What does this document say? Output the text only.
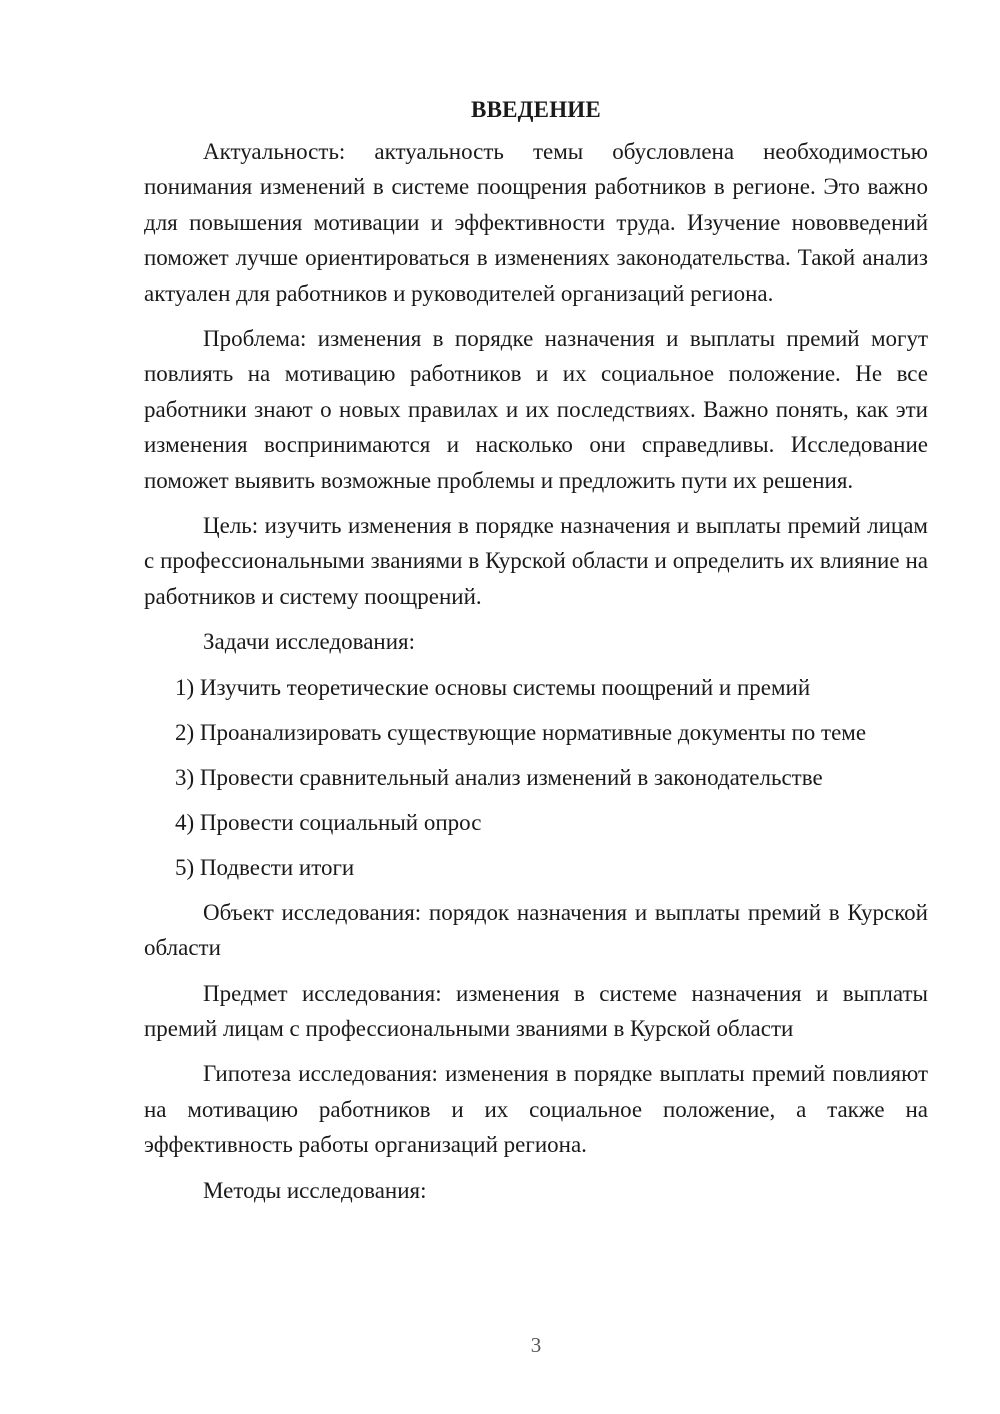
ВВЕДЕНИЕ

Актуальность: актуальность темы обусловлена необходимостью понимания изменений в системе поощрения работников в регионе. Это важно для повышения мотивации и эффективности труда. Изучение нововведений поможет лучше ориентироваться в изменениях законодательства. Такой анализ актуален для работников и руководителей организаций региона.

Проблема: изменения в порядке назначения и выплаты премий могут повлиять на мотивацию работников и их социальное положение. Не все работники знают о новых правилах и их последствиях. Важно понять, как эти изменения воспринимаются и насколько они справедливы. Исследование поможет выявить возможные проблемы и предложить пути их решения.

Цель: изучить изменения в порядке назначения и выплаты премий лицам с профессиональными званиями в Курской области и определить их влияние на работников и систему поощрений.

Задачи исследования:

1) Изучить теоретические основы системы поощрений и премий
2) Проанализировать существующие нормативные документы по теме
3) Провести сравнительный анализ изменений в законодательстве
4) Провести социальный опрос
5) Подвести итоги

Объект исследования: порядок назначения и выплаты премий в Курской области

Предмет исследования: изменения в системе назначения и выплаты премий лицам с профессиональными званиями в Курской области

Гипотеза исследования: изменения в порядке выплаты премий повлияют на мотивацию работников и их социальное положение, а также на эффективность работы организаций региона.

Методы исследования:

3
